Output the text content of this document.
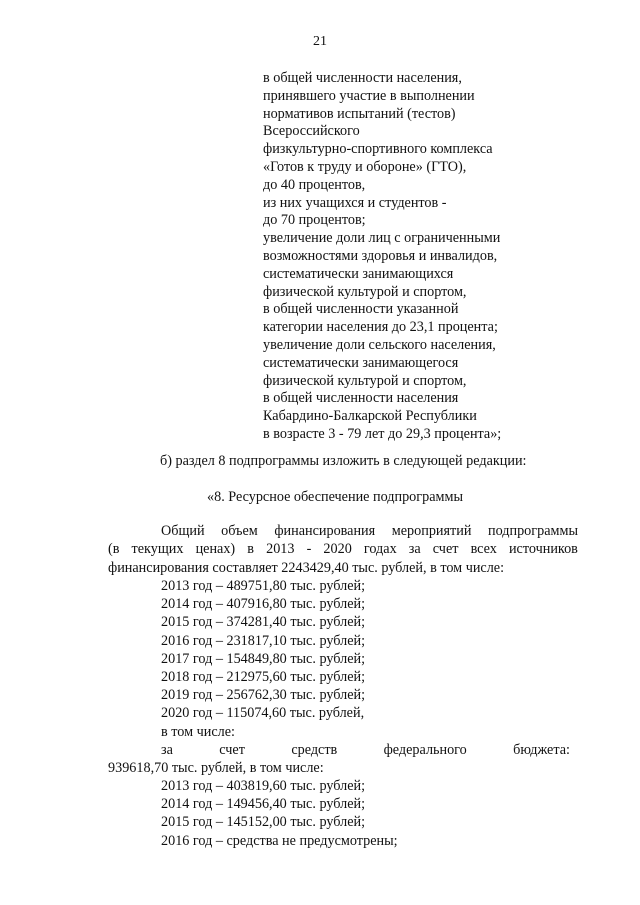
21
в общей численности населения,
принявшего участие в выполнении
нормативов испытаний (тестов)
Всероссийского
физкультурно-спортивного комплекса
«Готов к труду и обороне» (ГТО),
до 40 процентов,
из них учащихся и студентов -
до 70 процентов;
увеличение доли лиц с ограниченными
возможностями здоровья и инвалидов,
систематически занимающихся
физической культурой и спортом,
в общей численности указанной
категории населения до 23,1 процента;
увеличение доли сельского населения,
систематически занимающегося
физической культурой и спортом,
в общей численности населения
Кабардино-Балкарской Республики
в возрасте 3 - 79 лет до 29,3 процента»;
б) раздел 8 подпрограммы изложить в следующей редакции:
«8. Ресурсное обеспечение подпрограммы
Общий объем финансирования мероприятий подпрограммы
(в текущих ценах) в 2013 - 2020 годах за счет всех источников
финансирования составляет 2243429,40 тыс. рублей, в том числе:
2013 год – 489751,80 тыс. рублей;
2014 год – 407916,80 тыс. рублей;
2015 год – 374281,40 тыс. рублей;
2016 год – 231817,10 тыс. рублей;
2017 год – 154849,80 тыс. рублей;
2018 год – 212975,60 тыс. рублей;
2019 год – 256762,30 тыс. рублей;
2020 год – 115074,60 тыс. рублей,
в том числе:
за	счет	средств	федерального	бюджета:
939618,70 тыс. рублей, в том числе:
2013 год – 403819,60 тыс. рублей;
2014 год – 149456,40 тыс. рублей;
2015 год – 145152,00 тыс. рублей;
2016 год – средства не предусмотрены;
